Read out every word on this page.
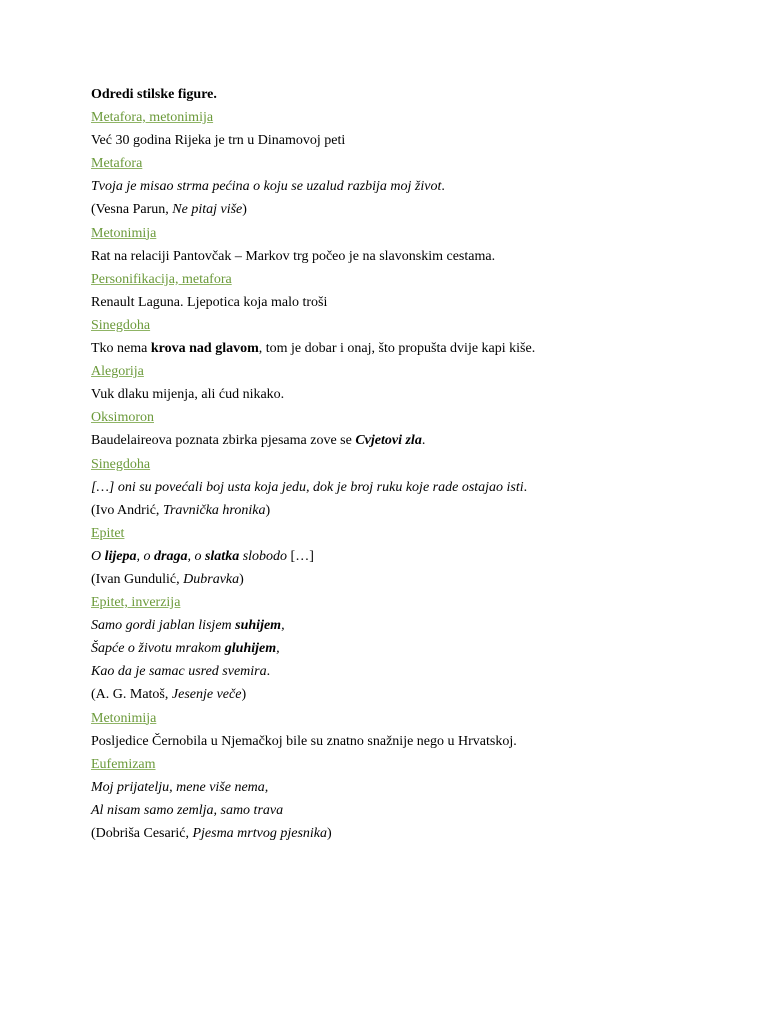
Odredi stilske figure.
Metafora, metonimija
Već 30 godina Rijeka je trn u Dinamovoj peti
Metafora
Tvoja je misao strma pećina o koju se uzalud razbija moj život.
(Vesna Parun, Ne pitaj više)
Metonimija
Rat na relaciji Pantovčak – Markov trg počeo je na slavonskim cestama.
Personifikacija, metafora
Renault Laguna. Ljepotica koja malo troši
Sinegdoha
Tko nema krova nad glavom, tom je dobar i onaj, što propušta dvije kapi kiše.
Alegorija
Vuk dlaku mijenja, ali ćud nikako.
Oksimoron
Baudelaireova poznata zbirka pjesama zove se Cvjetovi zla.
Sinegdoha
[…] oni su povećali boj usta koja jedu, dok je broj ruku koje rade ostajao isti.
(Ivo Andrić, Travnička hronika)
Epitet
O lijepa, o draga, o slatka slobodo […]
(Ivan Gundulić, Dubravka)
Epitet, inverzija
Samo gordi jablan lisjem suhijem,
Šapće o životu mrakom gluhijem,
Kao da je samac usred svemira.
(A. G. Matoš, Jesenje veče)
Metonimija
Posljedice Černobila u Njemačkoj bile su znatno snažnije nego u Hrvatskoj.
Eufemizam
Moj prijatelju, mene više nema,
Al nisam samo zemlja, samo trava
(Dobriša Cesarić, Pjesma mrtvog pjesnika)
